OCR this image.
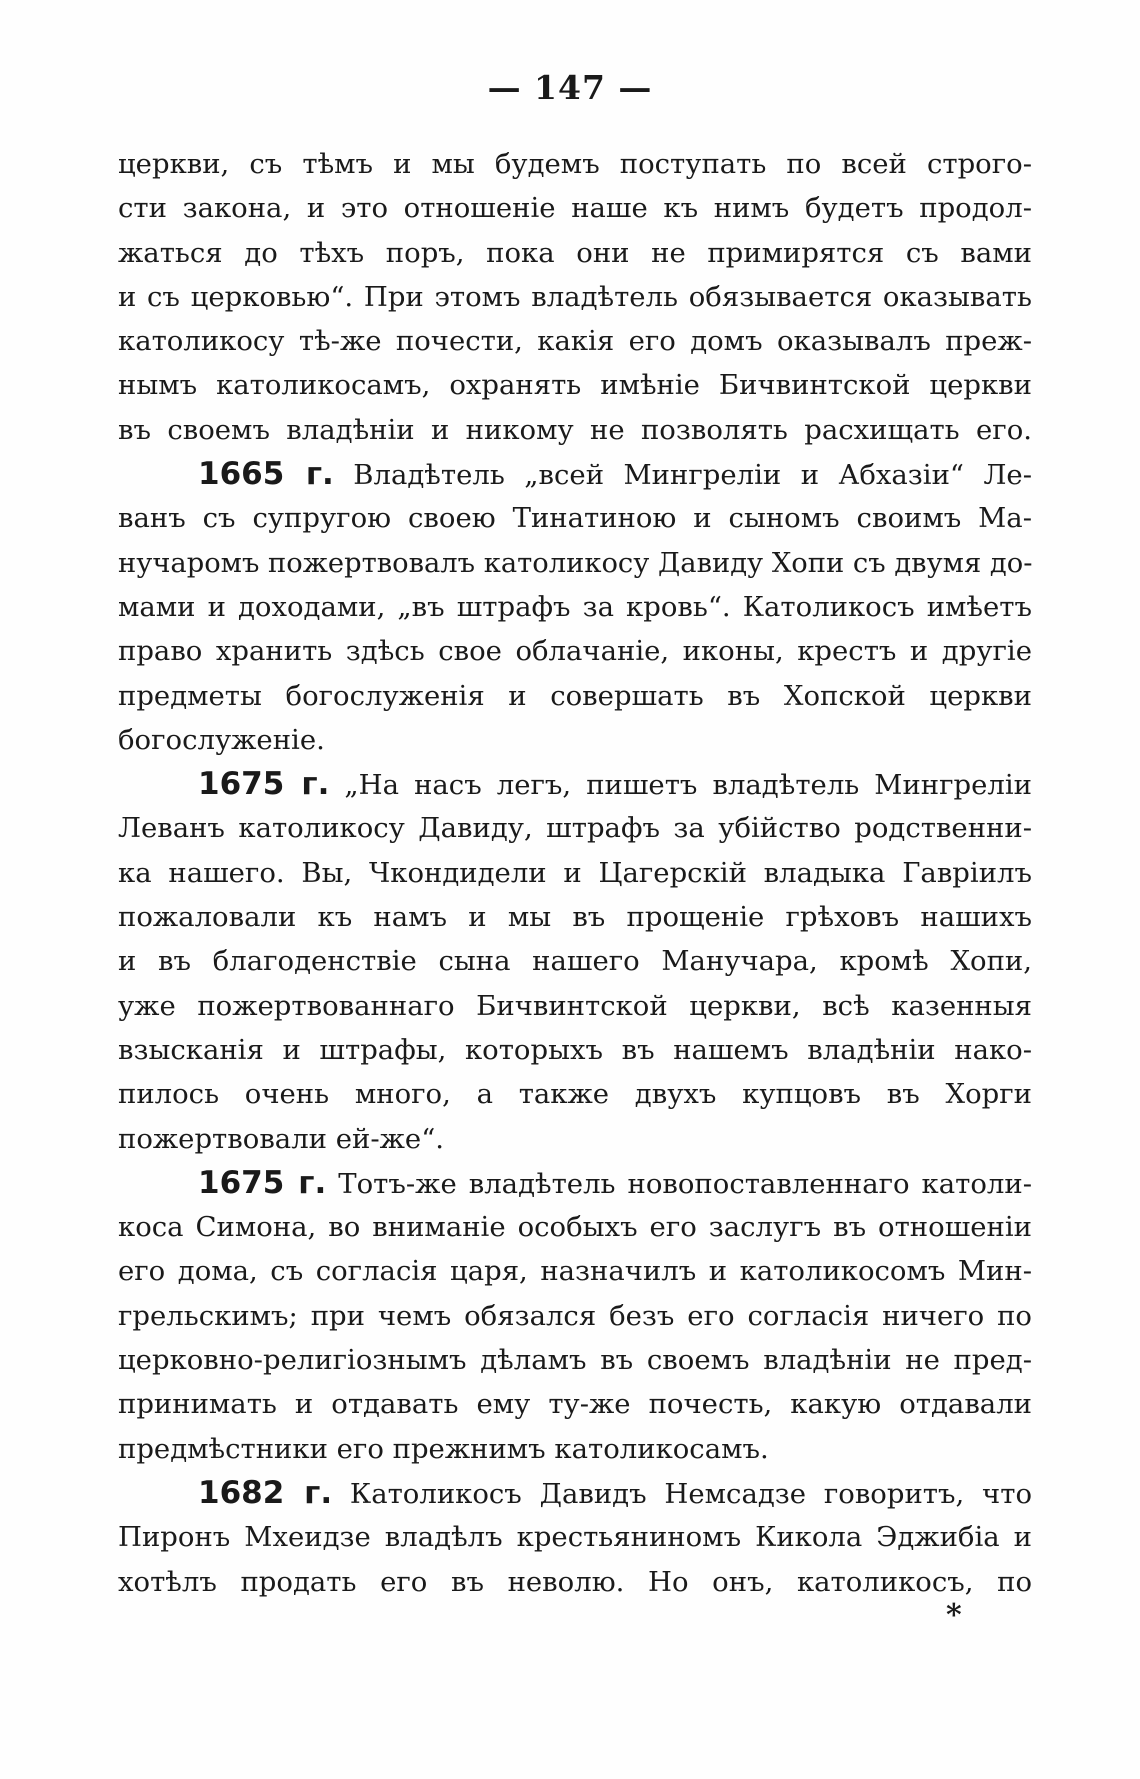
— 147 —
церкви, съ тѣмъ и мы будемъ поступать по всей строго-
сти закона, и это отношеніе наше къ нимъ будетъ продол-
жаться до тѣхъ поръ, пока они не примирятся съ вами
и съ церковью“. При этомъ владѣтель обязывается оказывать
католикосу тѣ-же почести, какія его домъ оказывалъ преж-
нымъ католикосамъ, охранять имѣніе Бичвинтской церкви
въ своемъ владѣніи и никому не позволять расхищать его.
1665 г. Владѣтель „всей Мингреліи и Абхазіи“ Ле-
ванъ съ супругою своею Тинатиною и сыномъ своимъ Ма-
нучаромъ пожертвовалъ католикосу Давиду Хопи съ двумя до-
мами и доходами, „въ штрафъ за кровь“. Католикосъ имѣетъ
право хранить здѣсь свое облачаніе, иконы, крестъ и другіе
предметы богослуженія и совершать въ Хопской церкви
богослуженіе.
1675 г. „На насъ легъ, пишетъ владѣтель Мингреліи
Леванъ католикосу Давиду, штрафъ за убійство родственни-
ка нашего. Вы, Чкондидели и Цагерскій владыка Гавріилъ
пожаловали къ намъ и мы въ прощеніе грѣховъ нашихъ
и въ благоденствіе сына нашего Манучара, кромѣ Хопи,
уже пожертвованнаго Бичвинтской церкви, всѣ казенныя
взысканія и штрафы, которыхъ въ нашемъ владѣніи нако-
пилось очень много, а также двухъ купцовъ въ Хорги
пожертвовали ей-же“.
1675 г. Тотъ-же владѣтель новопоставленнаго католи-
коса Симона, во вниманіе особыхъ его заслугъ въ отношеніи
его дома, съ согласія царя, назначилъ и католикосомъ Мин-
грельскимъ; при чемъ обязался безъ его согласія ничего по
церковно-религіознымъ дѣламъ въ своемъ владѣніи не пред-
принимать и отдавать ему ту-же почесть, какую отдавали
предмѣстники его прежнимъ католикосамъ.
1682 г. Католикосъ Давидъ Немсадзе говоритъ, что
Пиронъ Мхеидзе владѣлъ крестьяниномъ Кикола Эджибіа и
хотѣлъ продать его въ неволю. Но онъ, католикосъ, по
*
